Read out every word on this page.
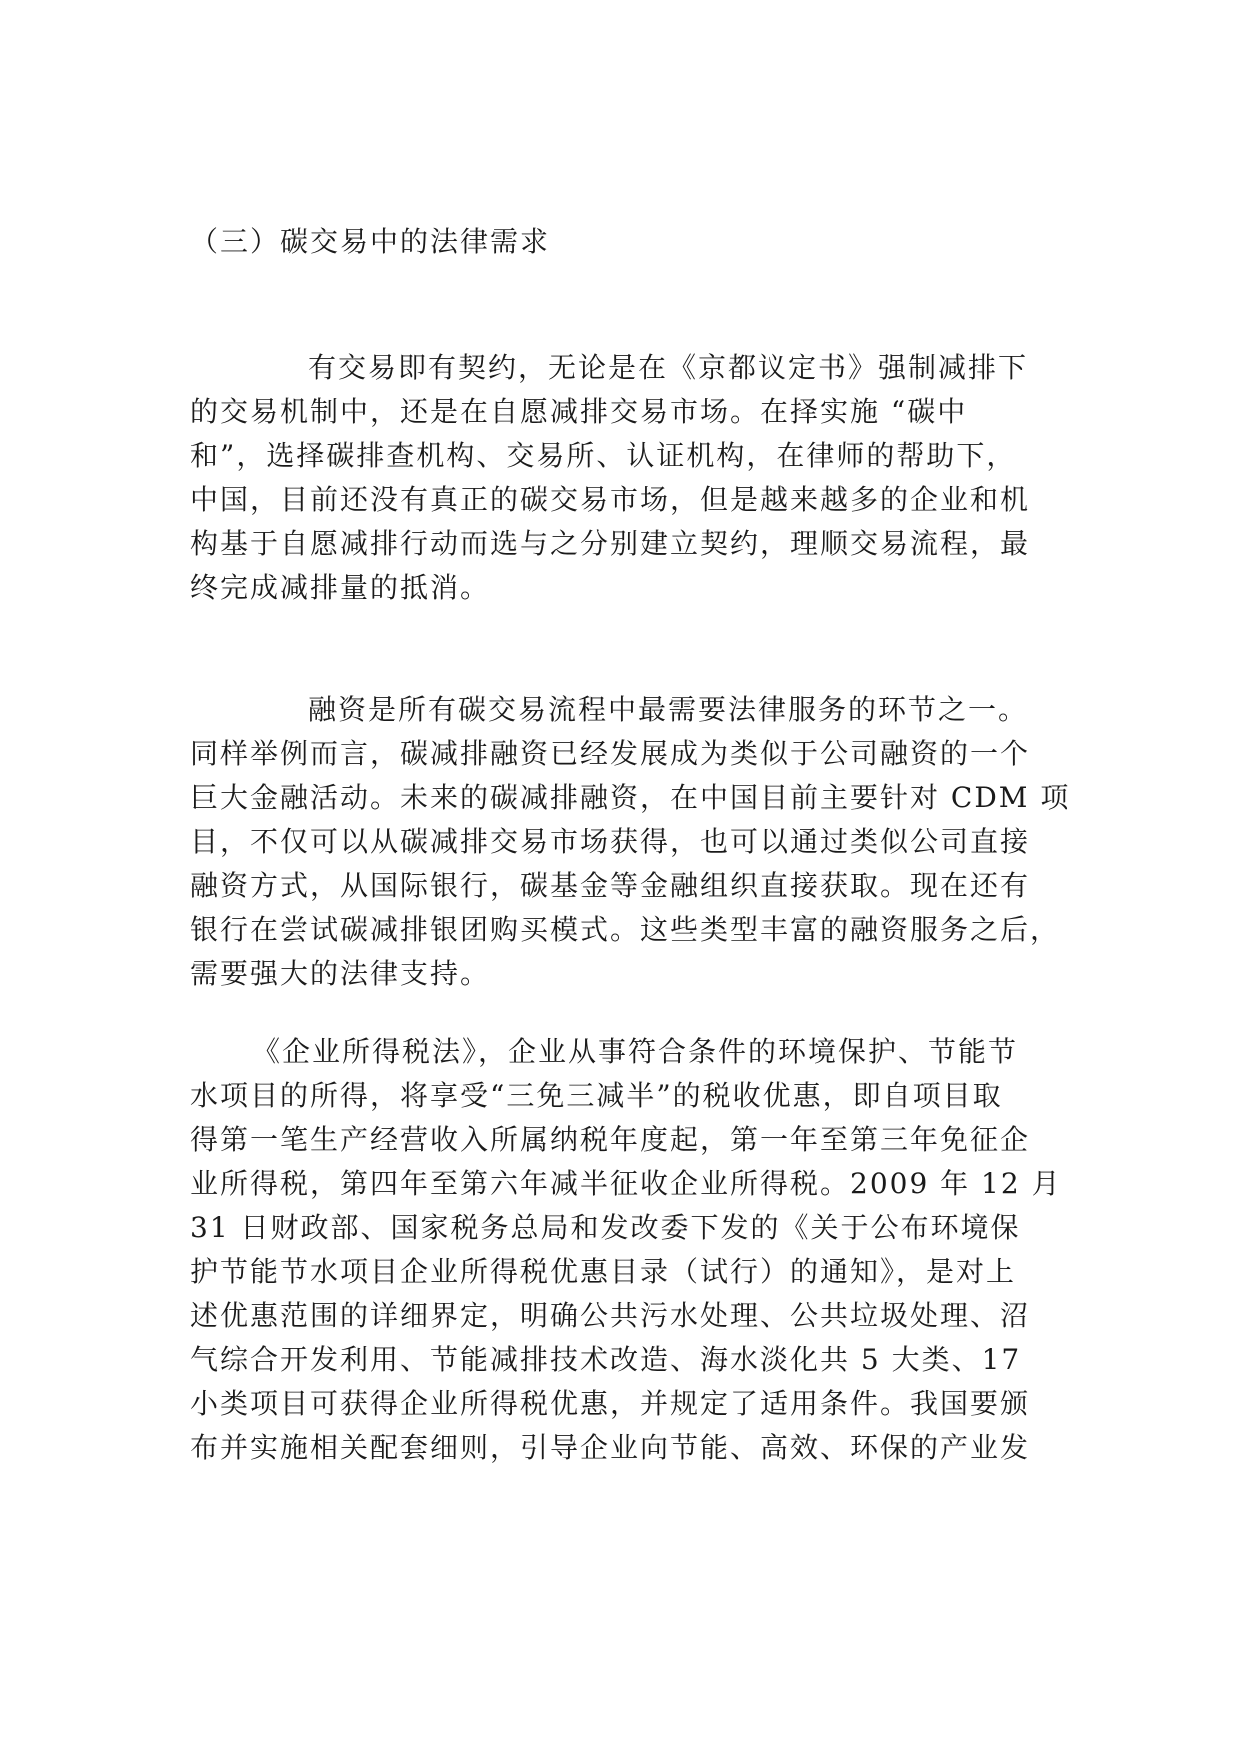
（三）碳交易中的法律需求
有交易即有契约，无论是在《京都议定书》强制减排下
的交易机制中，还是在自愿减排交易市场。在择实施 “碳中
和”，选择碳排查机构、交易所、认证机构，在律师的帮助下，
中国，目前还没有真正的碳交易市场，但是越来越多的企业和机
构基于自愿减排行动而选与之分别建立契约，理顺交易流程，最
终完成减排量的抵消。
融资是所有碳交易流程中最需要法律服务的环节之一。
同样举例而言，碳减排融资已经发展成为类似于公司融资的一个
巨大金融活动。未来的碳减排融资，在中国目前主要针对 CDM 项
目，不仅可以从碳减排交易市场获得，也可以通过类似公司直接
融资方式，从国际银行，碳基金等金融组织直接获取。现在还有
银行在尝试碳减排银团购买模式。这些类型丰富的融资服务之后，
需要强大的法律支持。
《企业所得税法》，企业从事符合条件的环境保护、节能节
水项目的所得，将享受“三免三减半”的税收优惠，即自项目取
得第一笔生产经营收入所属纳税年度起，第一年至第三年免征企
业所得税，第四年至第六年减半征收企业所得税。2009 年 12 月
31 日财政部、国家税务总局和发改委下发的《关于公布环境保
护节能节水项目企业所得税优惠目录（试行）的通知》，是对上
述优惠范围的详细界定，明确公共污水处理、公共垃圾处理、沼
气综合开发利用、节能减排技术改造、海水淡化共 5 大类、17
小类项目可获得企业所得税优惠，并规定了适用条件。我国要颁
布并实施相关配套细则，引导企业向节能、高效、环保的产业发
